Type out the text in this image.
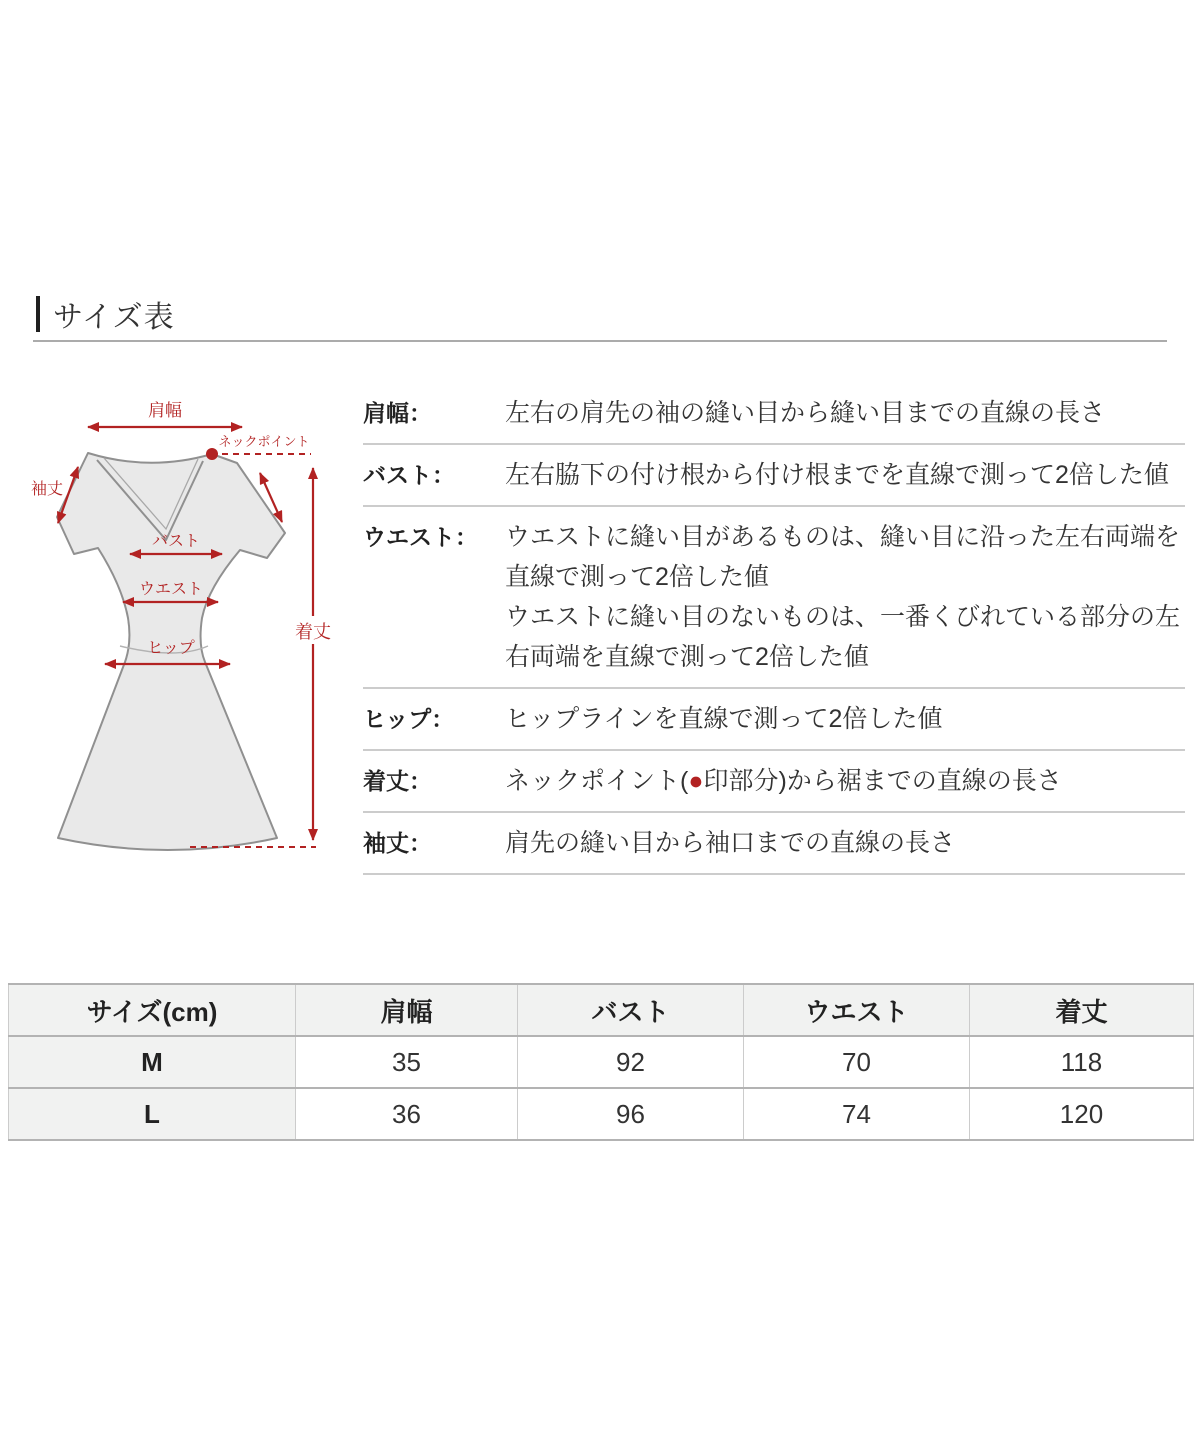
サイズ表
肩幅
ネックポイント
袖丈
バスト
ウエスト
ヒップ
着丈
肩幅：	左右の肩先の袖の縫い目から縫い目までの直線の長さ
バスト：	左右脇下の付け根から付け根までを直線で測って2倍した値
ウエスト：	ウエストに縫い目があるものは、縫い目に沿った左右両端を直線で測って2倍した値
ウエストに縫い目のないものは、一番くびれている部分の左右両端を直線で測って2倍した値
ヒップ：	ヒップラインを直線で測って2倍した値
着丈：	ネックポイント(●印部分)から裾までの直線の長さ
袖丈：	肩先の縫い目から袖口までの直線の長さ
サイズ(cm)	肩幅	バスト	ウエスト	着丈
M	35	92	70	118
L	36	96	74	120
